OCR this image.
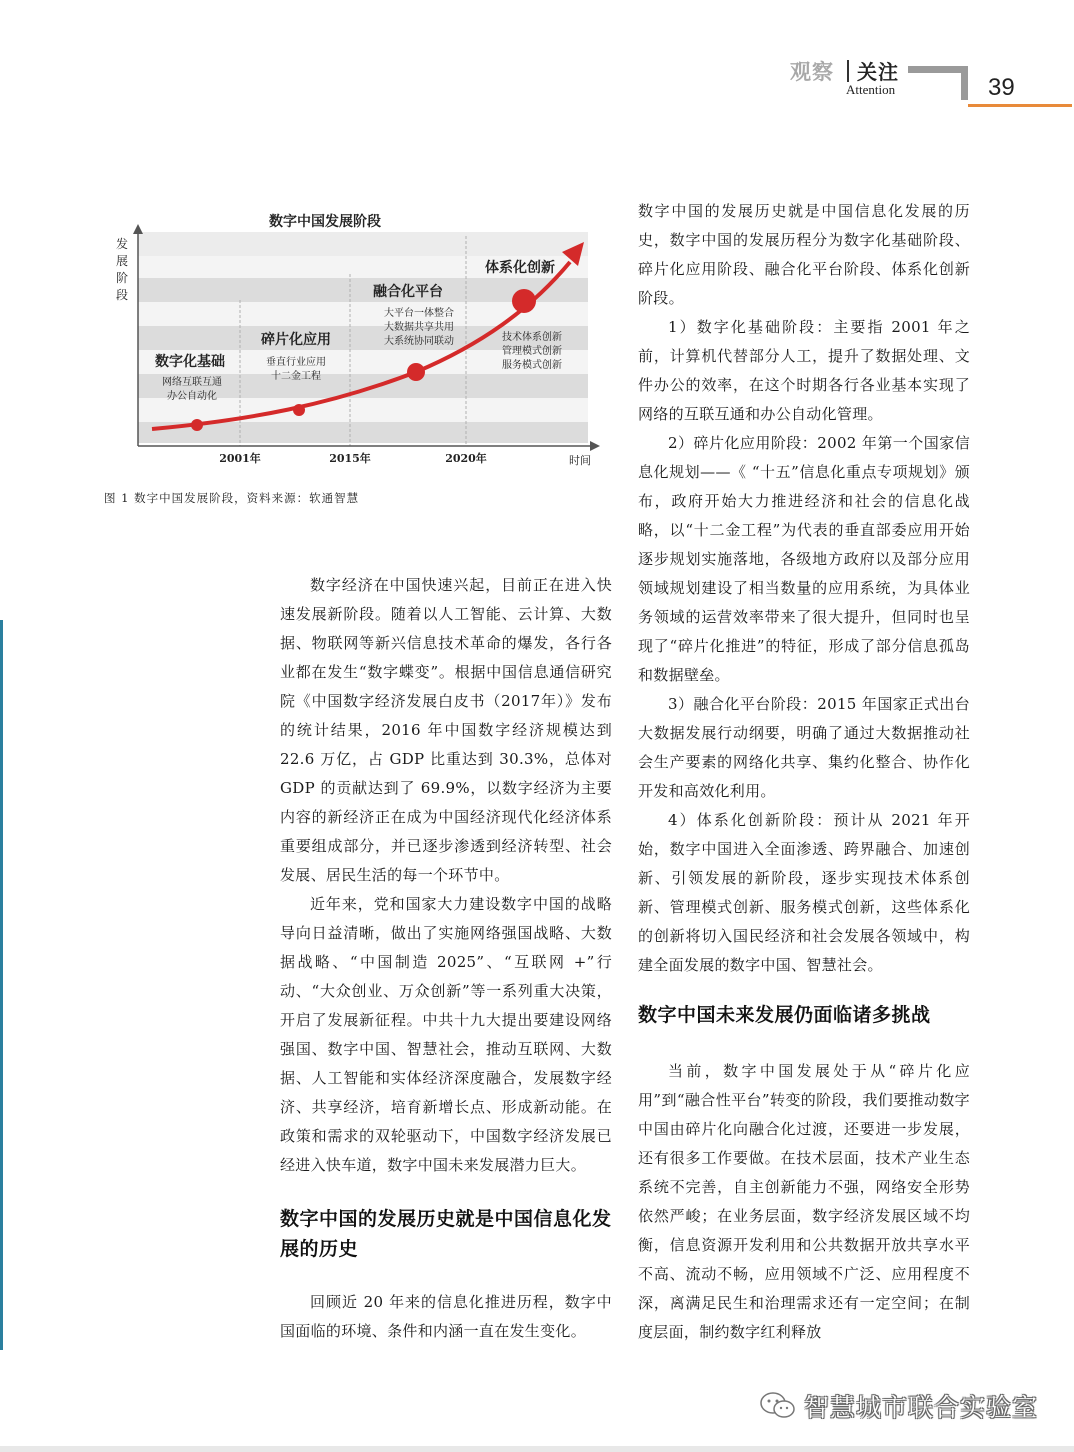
观察 关注
Attention	39
数字中国发展阶段
发
展
阶
段
时间
2001年	2015年	2020年
数字化基础
网络互联互通
办公自动化
碎片化应用
垂直行业应用
十二金工程
融合化平台
大平台一体整合
大数据共享共用
大系统协同联动
体系化创新
技术体系创新
管理模式创新
服务模式创新
图 1 数字中国发展阶段，资料来源：软通智慧

数字经济在中国快速兴起，目前正在进入快速发展新阶段。随着以人工智能、云计算、大数据、物联网等新兴信息技术革命的爆发，各行各业都在发生“数字蝶变”。根据中国信息通信研究院《中国数字经济发展白皮书（2017年）》发布的统计结果，2016 年中国数字经济规模达到 22.6 万亿，占 GDP 比重达到 30.3%，总体对 GDP 的贡献达到了 69.9%，以数字经济为主要内容的新经济正在成为中国经济现代化经济体系重要组成部分，并已逐步渗透到经济转型、社会发展、居民生活的每一个环节中。

近年来，党和国家大力建设数字中国的战略导向日益清晰，做出了实施网络强国战略、大数据战略、“中国制造 2025”、“互联网 +”行动、“大众创业、万众创新”等一系列重大决策，开启了发展新征程。中共十九大提出要建设网络强国、数字中国、智慧社会，推动互联网、大数据、人工智能和实体经济深度融合，发展数字经济、共享经济，培育新增长点、形成新动能。在政策和需求的双轮驱动下，中国数字经济发展已经进入快车道，数字中国未来发展潜力巨大。

数字中国的发展历史就是中国信息化发展的历史

回顾近 20 年来的信息化推进历程，数字中国面临的环境、条件和内涵一直在发生变化。

数字中国的发展历史就是中国信息化发展的历史，数字中国的发展历程分为数字化基础阶段、碎片化应用阶段、融合化平台阶段、体系化创新阶段。

1）数字化基础阶段：主要指 2001 年之前，计算机代替部分人工，提升了数据处理、文件办公的效率，在这个时期各行各业基本实现了网络的互联互通和办公自动化管理。

2）碎片化应用阶段：2002 年第一个国家信息化规划——《 “十五”信息化重点专项规划》颁布，政府开始大力推进经济和社会的信息化战略，以“十二金工程”为代表的垂直部委应用开始逐步规划实施落地，各级地方政府以及部分应用领域规划建设了相当数量的应用系统，为具体业务领域的运营效率带来了很大提升，但同时也呈现了“碎片化推进”的特征，形成了部分信息孤岛和数据壁垒。

3）融合化平台阶段：2015 年国家正式出台大数据发展行动纲要，明确了通过大数据推动社会生产要素的网络化共享、集约化整合、协作化开发和高效化利用。

4）体系化创新阶段：预计从 2021 年开始，数字中国进入全面渗透、跨界融合、加速创新、引领发展的新阶段，逐步实现技术体系创新、管理模式创新、服务模式创新，这些体系化的创新将切入国民经济和社会发展各领域中，构建全面发展的数字中国、智慧社会。

数字中国未来发展仍面临诸多挑战

当前，数字中国发展处于从“碎片化应用”到“融合性平台”转变的阶段，我们要推动数字中国由碎片化向融合化过渡，还要进一步发展，还有很多工作要做。在技术层面，技术产业生态系统不完善，自主创新能力不强，网络安全形势依然严峻；在业务层面，数字经济发展区域不均衡，信息资源开发利用和公共数据开放共享水平不高、流动不畅，应用领域不广泛、应用程度不深，离满足民生和治理需求还有一定空间；在制度层面，制约数字红利释放

智慧城市联合实验室
